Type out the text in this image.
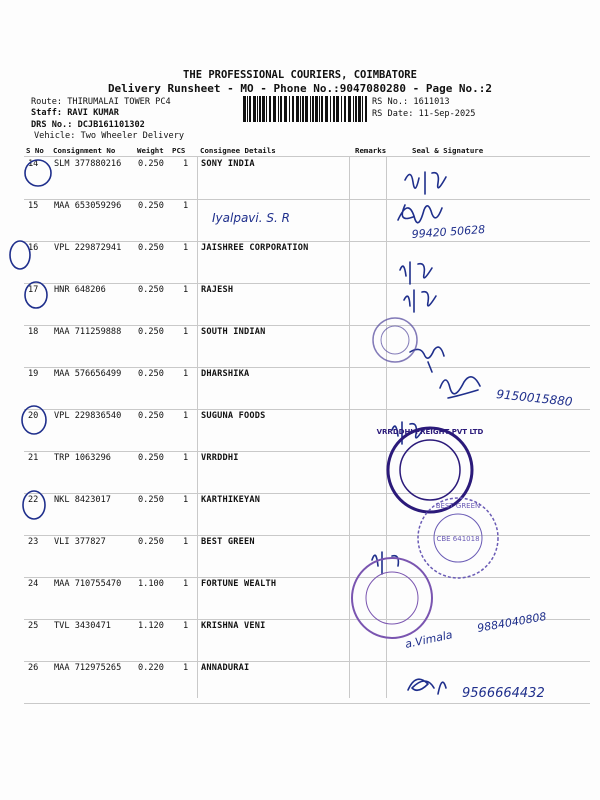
THE PROFESSIONAL COURIERS, COIMBATORE
Delivery Runsheet - MO - Phone No.:9047080280 - Page No.:2
Route: THIRUMALAI TOWER PC4
Staff: RAVI KUMAR
DRS No.: DCJB161101302
Vehicle: Two Wheeler Delivery
RS No.: 1611013
RS Date: 11-Sep-2025
S No Consignment No	Weight PCS Consignee Details	Remarks	Seal & Signature
14 SLM 377880216 0.250 1 SONY INDIA
15 MAA 653059296 0.250 1
16 VPL 229872941 0.250 1 JAISHREE CORPORATION
17 HNR 648206	0.250 1 RAJESH
18 MAA 711259888 0.250 1 SOUTH INDIAN
19 MAA 576656499 0.250 1 DHARSHIKA
20 VPL 229836540 0.250 1 SUGUNA FOODS
21 TRP 1063296	0.250 1 VRRDDHI
22 NKL 8423017	0.250 1 KARTHIKEYAN
23 VLI 377827	0.250 1 BEST GREEN
24 MAA 710755470 1.100 1 FORTUNE WEALTH
25 TVL 3430471	1.120 1 KRISHNA VENI
26 MAA 712975265 0.220 1 ANNADURAI
Iyalpavi. S. R
99420 50628
9150015880
a.Vimala
9884040808
9566664432
VRRDDHI FREIGHT PVT LTD
BEST GREEN
CBE 641018
